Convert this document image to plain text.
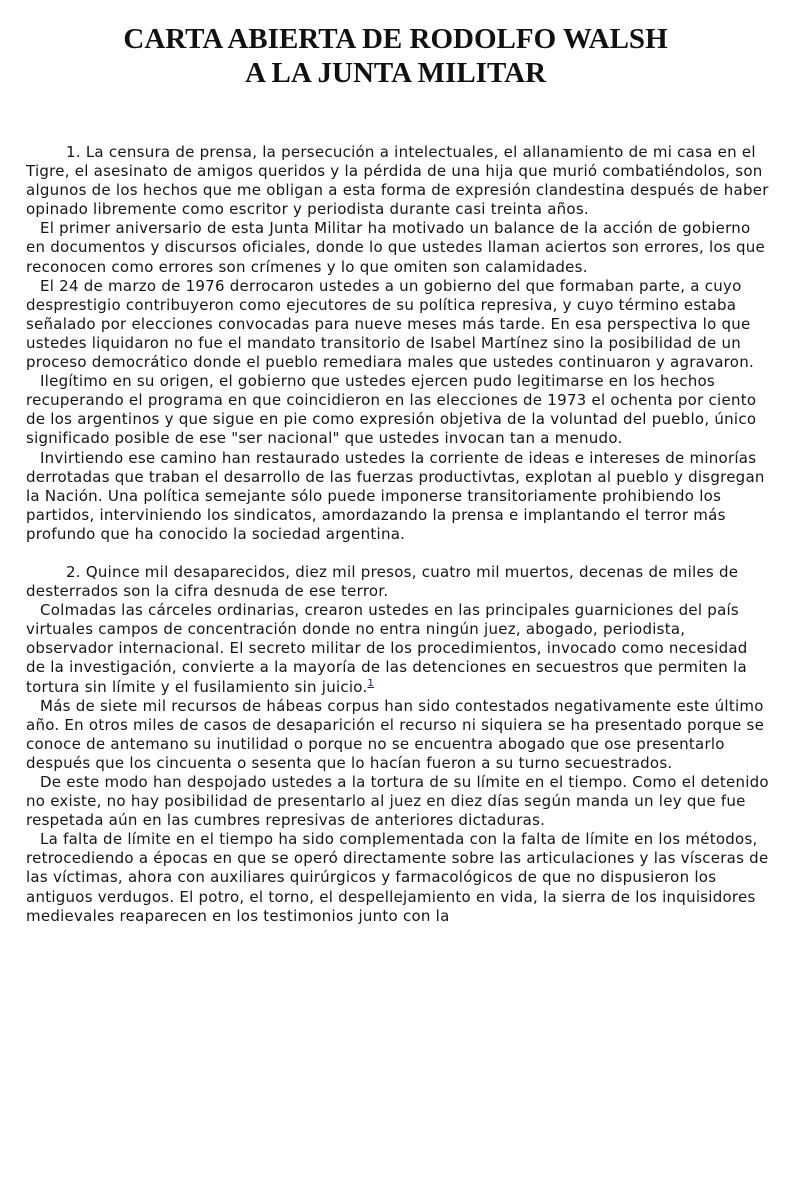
CARTA ABIERTA DE RODOLFO WALSH
A LA JUNTA MILITAR

1. La censura de prensa, la persecución a intelectuales, el allanamiento de mi casa en el Tigre, el asesinato de amigos queridos y la pérdida de una hija que murió combatiéndolos, son algunos de los hechos que me obligan a esta forma de expresión clandestina después de haber opinado libremente como escritor y periodista durante casi treinta años.

El primer aniversario de esta Junta Militar ha motivado un balance de la acción de gobierno en documentos y discursos oficiales, donde lo que ustedes llaman aciertos son errores, los que reconocen como errores son crímenes y lo que omiten son calamidades.

El 24 de marzo de 1976 derrocaron ustedes a un gobierno del que formaban parte, a cuyo desprestigio contribuyeron como ejecutores de su política represiva, y cuyo término estaba señalado por elecciones convocadas para nueve meses más tarde. En esa perspectiva lo que ustedes liquidaron no fue el mandato transitorio de Isabel Martínez sino la posibilidad de un proceso democrático donde el pueblo remediara males que ustedes continuaron y agravaron.

Ilegítimo en su origen, el gobierno que ustedes ejercen pudo legitimarse en los hechos recuperando el programa en que coincidieron en las elecciones de 1973 el ochenta por ciento de los argentinos y que sigue en pie como expresión objetiva de la voluntad del pueblo, único significado posible de ese "ser nacional" que ustedes invocan tan a menudo.

Invirtiendo ese camino han restaurado ustedes la corriente de ideas e intereses de minorías derrotadas que traban el desarrollo de las fuerzas productivtas, explotan al pueblo y disgregan la Nación. Una política semejante sólo puede imponerse transitoriamente prohibiendo los partidos, interviniendo los sindicatos, amordazando la prensa e implantando el terror más profundo que ha conocido la sociedad argentina.

2. Quince mil desaparecidos, diez mil presos, cuatro mil muertos, decenas de miles de desterrados son la cifra desnuda de ese terror.

Colmadas las cárceles ordinarias, crearon ustedes en las principales guarniciones del país virtuales campos de concentración donde no entra ningún juez, abogado, periodista, observador internacional. El secreto militar de los procedimientos, invocado como necesidad de la investigación, convierte a la mayoría de las detenciones en secuestros que permiten la tortura sin límite y el fusilamiento sin juicio.$^1$

Más de siete mil recursos de hábeas corpus han sido contestados negativamente este último año. En otros miles de casos de desaparición el recurso ni siquiera se ha presentado porque se conoce de antemano su inutilidad o porque no se encuentra abogado que ose presentarlo después que los cincuenta o sesenta que lo hacían fueron a su turno secuestrados.

De este modo han despojado ustedes a la tortura de su límite en el tiempo. Como el detenido no existe, no hay posibilidad de presentarlo al juez en diez días según manda un ley que fue respetada aún en las cumbres represivas de anteriores dictaduras.

La falta de límite en el tiempo ha sido complementada con la falta de límite en los métodos, retrocediendo a épocas en que se operó directamente sobre las articulaciones y las vísceras de las víctimas, ahora con auxiliares quirúrgicos y farmacológicos de que no dispusieron los antiguos verdugos. El potro, el torno, el despellejamiento en vida, la sierra de los inquisidores medievales reaparecen en los testimonios junto con la
